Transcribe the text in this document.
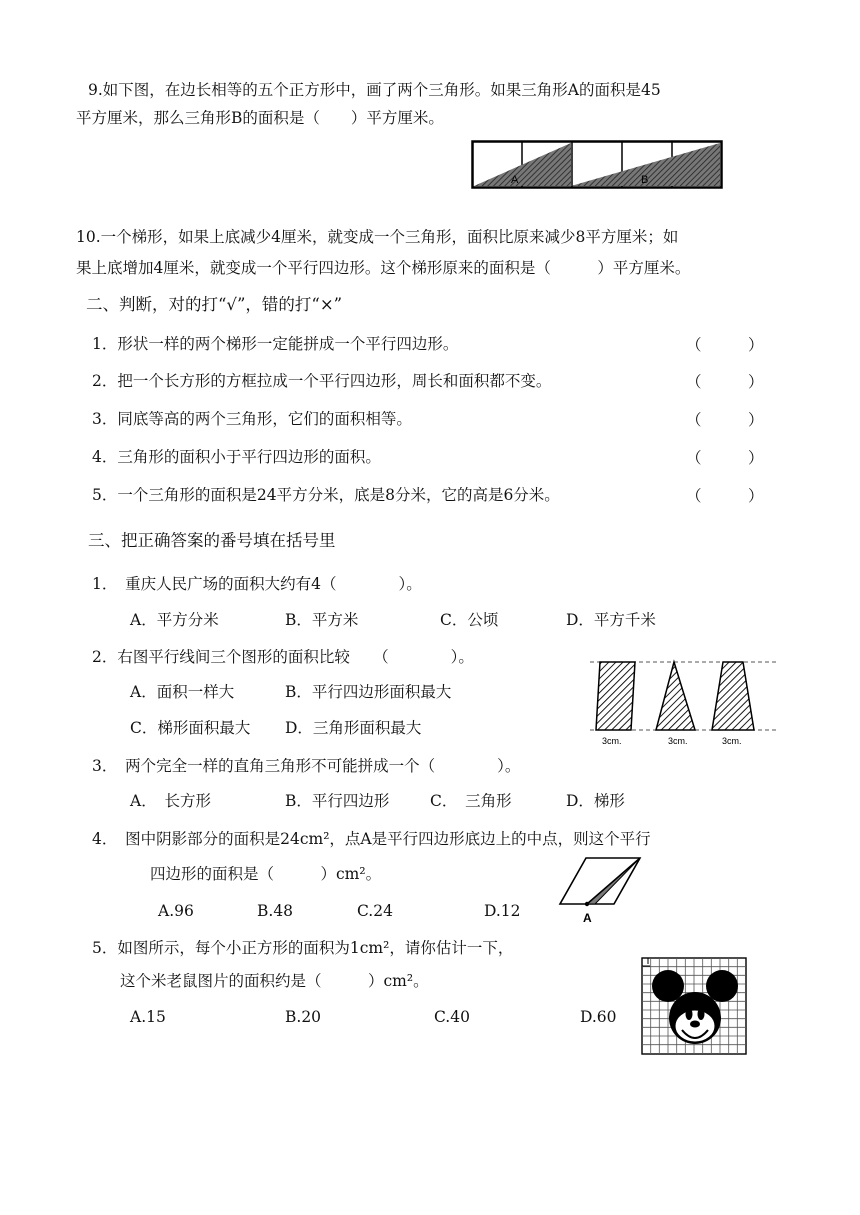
9.如下图，在边长相等的五个正方形中，画了两个三角形。如果三角形A的面积是45
平方厘米，那么三角形B的面积是（　　）平方厘米。
A	B
10.一个梯形，如果上底减少4厘米，就变成一个三角形，面积比原来减少8平方厘米；如
果上底增加4厘米，就变成一个平行四边形。这个梯形原来的面积是（　　　）平方厘米。
二、判断，对的打“√”，错的打“×”
1．形状一样的两个梯形一定能拼成一个平行四边形。	（　　　）
2．把一个长方形的方框拉成一个平行四边形，周长和面积都不变。	（　　　）
3．同底等高的两个三角形，它们的面积相等。	（　　　）
4．三角形的面积小于平行四边形的面积。	（　　　）
5．一个三角形的面积是24平方分米，底是8分米，它的高是6分米。	（　　　）
三、把正确答案的番号填在括号里
1．　重庆人民广场的面积大约有4（　　　　）。
A．平方分米	B．平方米	C．公顷	D．平方千米
2．右图平行线间三个图形的面积比较　　（　　　　）。
A．面积一样大	B．平行四边形面积最大
C．梯形面积最大 D．三角形面积最大
3cm.	3cm.	3cm.
3．　两个完全一样的直角三角形不可能拼成一个（　　　　）。
A．　长方形	B．平行四边形	C．　三角形	D．梯形
4．　图中阴影部分的面积是24cm²，点A是平行四边形底边上的中点，则这个平行
四边形的面积是（　　　）cm²。
A.96	B.48	C.24	D.12	A
5．如图所示，每个小正方形的面积为1cm²，请你估计一下，
这个米老鼠图片的面积约是（　　　）cm²。
A.15	B.20	C.40	D.60
